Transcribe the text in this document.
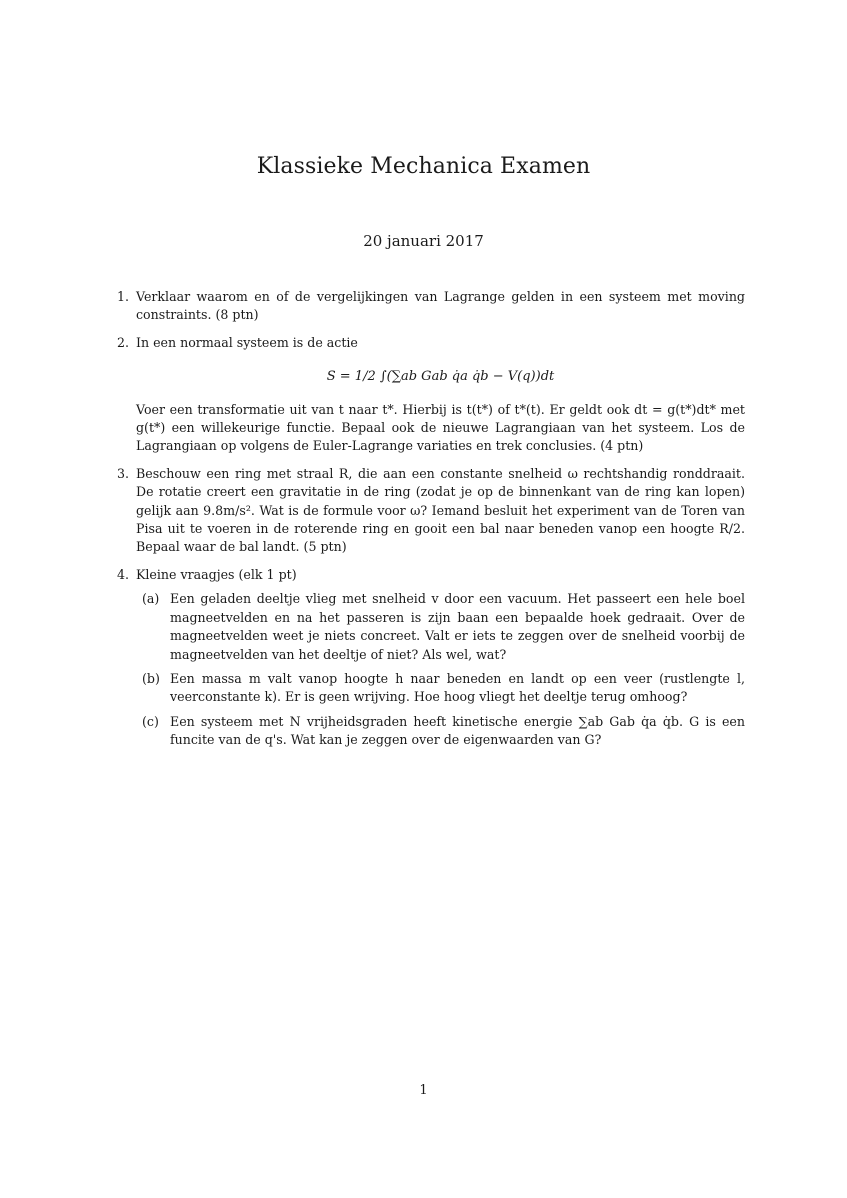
Klassieke Mechanica Examen
20 januari 2017
1. Verklaar waarom en of de vergelijkingen van Lagrange gelden in een systeem met moving constraints. (8 ptn)

2. In een normaal systeem is de actie

S = 1/2 ∫(∑ab Gab q̇a q̇b − V(q))dt

Voer een transformatie uit van t naar t*. Hierbij is t(t*) of t*(t). Er geldt ook dt = g(t*)dt* met g(t*) een willekeurige functie. Bepaal ook de nieuwe Lagrangiaan van het systeem. Los de Lagrangiaan op volgens de Euler-Lagrange variaties en trek conclusies. (4 ptn)

3. Beschouw een ring met straal R, die aan een constante snelheid ω rechtshandig ronddraait. De rotatie creert een gravitatie in de ring (zodat je op de binnenkant van de ring kan lopen) gelijk aan 9.8m/s². Wat is de formule voor ω? Iemand besluit het experiment van de Toren van Pisa uit te voeren in de roterende ring en gooit een bal naar beneden vanop een hoogte R/2. Bepaal waar de bal landt. (5 ptn)

4. Kleine vraagjes (elk 1 pt)

(a) Een geladen deeltje vlieg met snelheid v door een vacuum. Het passeert een hele boel magneetvelden en na het passeren is zijn baan een bepaalde hoek gedraait. Over de magneetvelden weet je niets concreet. Valt er iets te zeggen over de snelheid voorbij de magneetvelden van het deeltje of niet? Als wel, wat?

(b) Een massa m valt vanop hoogte h naar beneden en landt op een veer (rustlengte l, veerconstante k). Er is geen wrijving. Hoe hoog vliegt het deeltje terug omhoog?

(c) Een systeem met N vrijheidsgraden heeft kinetische energie ∑ab Gab q̇a q̇b. G is een funcite van de q's. Wat kan je zeggen over de eigenwaarden van G?

1
